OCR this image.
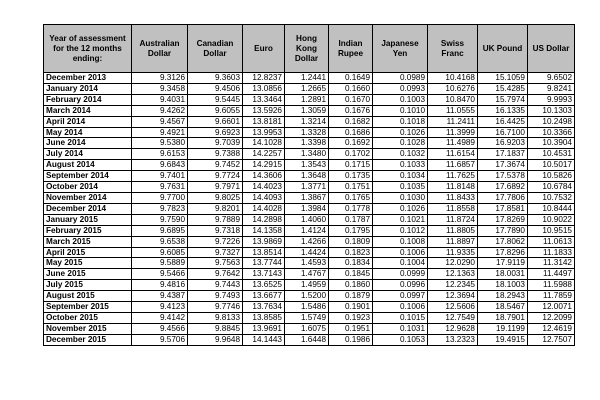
Year of assessment for the 12 months ending:	Australian Dollar	Canadian Dollar	Euro	Hong Kong Dollar	Indian Rupee	Japanese Yen	Swiss Franc	UK Pound	US Dollar
December 2013	9.3126	9.3603	12.8237	1.2441	0.1649	0.0989	10.4168	15.1059	9.6502
January 2014	9.3458	9.4506	13.0856	1.2665	0.1660	0.0993	10.6276	15.4285	9.8241
February 2014	9.4031	9.5445	13.3464	1.2891	0.1670	0.1003	10.8470	15.7974	9.9993
March 2014	9.4262	9.6055	13.5926	1.3059	0.1676	0.1010	11.0555	16.1335	10.1303
April 2014	9.4567	9.6601	13.8181	1.3214	0.1682	0.1018	11.2411	16.4425	10.2498
May 2014	9.4921	9.6923	13.9953	1.3328	0.1686	0.1026	11.3999	16.7100	10.3366
June 2014	9.5380	9.7039	14.1028	1.3398	0.1692	0.1028	11.4989	16.9203	10.3904
July 2014	9.6153	9.7388	14.2257	1.3480	0.1702	0.1032	11.6154	17.1837	10.4531
August 2014	9.6843	9.7452	14.2915	1.3543	0.1715	0.1033	11.6857	17.3674	10.5017
September 2014	9.7401	9.7724	14.3606	1.3648	0.1735	0.1034	11.7625	17.5378	10.5826
October 2014	9.7631	9.7971	14.4023	1.3771	0.1751	0.1035	11.8148	17.6892	10.6784
November 2014	9.7700	9.8025	14.4093	1.3867	0.1765	0.1030	11.8433	17.7806	10.7532
December 2014	9.7823	9.8201	14.4028	1.3984	0.1778	0.1026	11.8558	17.8581	10.8444
January 2015	9.7590	9.7889	14.2898	1.4060	0.1787	0.1021	11.8724	17.8269	10.9022
February 2015	9.6895	9.7318	14.1358	1.4124	0.1795	0.1012	11.8805	17.7890	10.9515
March 2015	9.6538	9.7226	13.9869	1.4266	0.1809	0.1008	11.8897	17.8062	11.0613
April 2015	9.6085	9.7327	13.8514	1.4424	0.1823	0.1006	11.9335	17.8296	11.1833
May 2015	9.5889	9.7563	13.7744	1.4593	0.1834	0.1004	12.0290	17.9119	11.3142
June 2015	9.5466	9.7642	13.7143	1.4767	0.1845	0.0999	12.1363	18.0031	11.4497
July 2015	9.4816	9.7443	13.6525	1.4959	0.1860	0.0996	12.2345	18.1003	11.5988
August 2015	9.4387	9.7493	13.6677	1.5200	0.1879	0.0997	12.3694	18.2943	11.7859
September 2015	9.4123	9.7746	13.7634	1.5486	0.1901	0.1006	12.5606	18.5467	12.0071
October 2015	9.4142	9.8133	13.8585	1.5749	0.1923	0.1015	12.7549	18.7901	12.2099
November 2015	9.4566	9.8845	13.9691	1.6075	0.1951	0.1031	12.9628	19.1199	12.4619
December 2015	9.5706	9.9648	14.1443	1.6448	0.1986	0.1053	13.2323	19.4915	12.7507
